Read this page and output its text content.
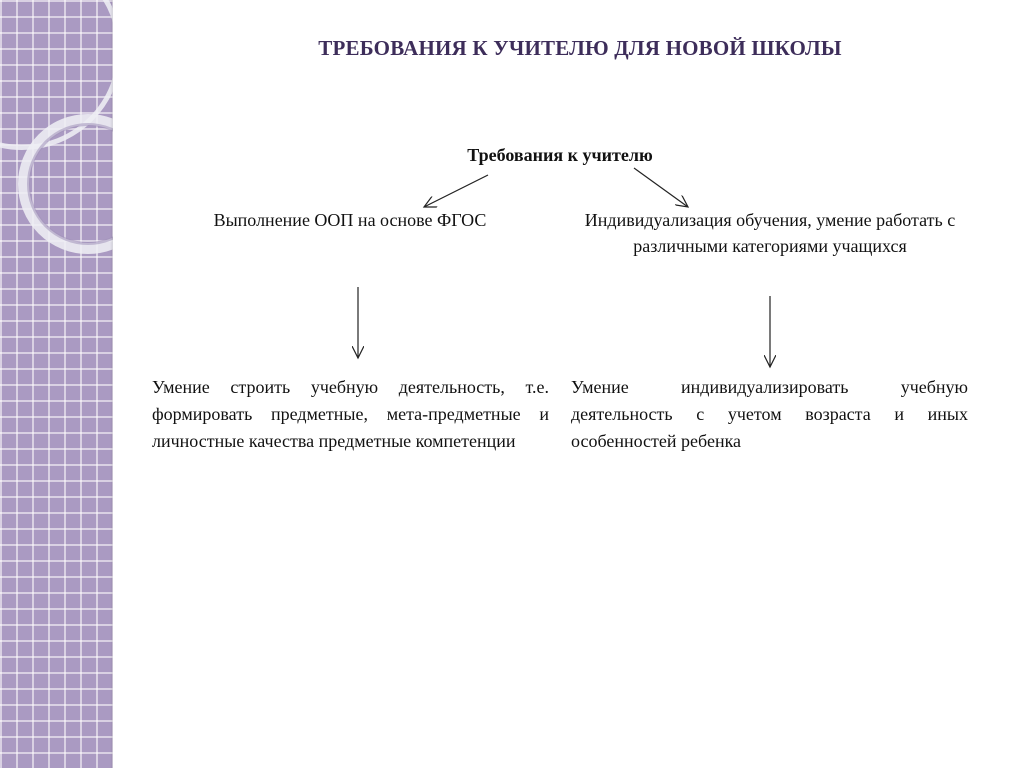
ТРЕБОВАНИЯ К УЧИТЕЛЮ ДЛЯ НОВОЙ ШКОЛЫ
Требования к учителю
Выполнение ООП на основе ФГОС	Индивидуализация обучения, умение работать с различными категориями учащихся
Умение строить учебную деятельность, т.е. формировать предметные, мета-предметные и личностные качества предметные компетенции
Умение индивидуализировать учебную деятельность с учетом возраста и иных особенностей ребенка
